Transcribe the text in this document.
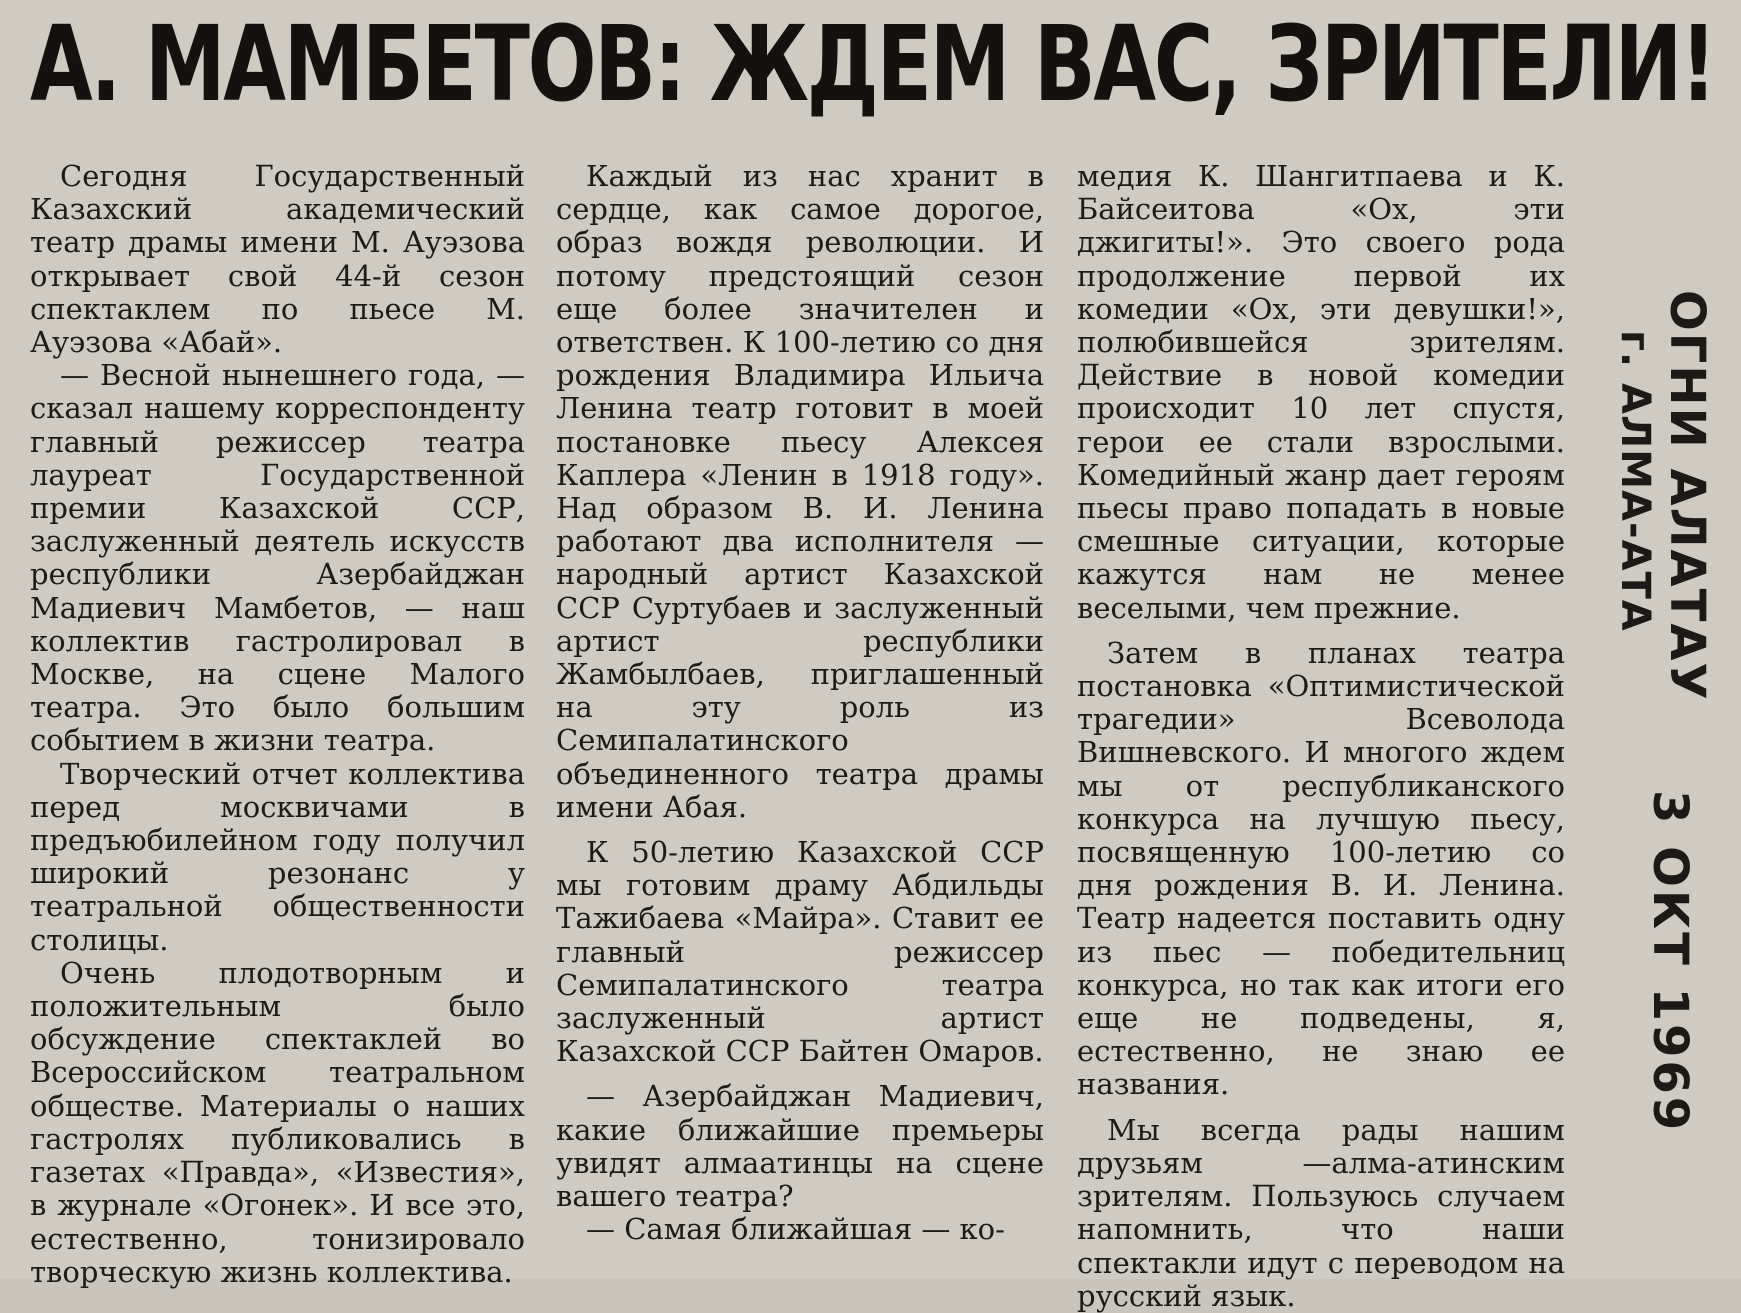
А. МАМБЕТОВ: ЖДЕМ ВАС, ЗРИТЕЛИ!

Сегодня Государственный Казахский академический театр драмы имени М. Ауэзова открывает свой 44-й сезон спектаклем по пьесе М. Ауэзова «Абай».

— Весной нынешнего года, — сказал нашему корреспонденту главный режиссер театра лауреат Государственной премии Казахской ССР, заслуженный деятель искусств республики Азербайджан Мадиевич Мамбетов, — наш коллектив гастролировал в Москве, на сцене Малого театра. Это было большим событием в жизни театра.

Творческий отчет коллектива перед москвичами в предъюбилейном году получил широкий резонанс у театральной общественности столицы.

Очень плодотворным и положительным было обсуждение спектаклей во Всероссийском театральном обществе. Материалы о наших гастролях публиковались в газетах «Правда», «Известия», в журнале «Огонек». И все это, естественно, тонизировало творческую жизнь коллектива.

Каждый из нас хранит в сердце, как самое дорогое, образ вождя революции. И потому предстоящий сезон еще более значителен и ответствен. К 100-летию со дня рождения Владимира Ильича Ленина театр готовит в моей постановке пьесу Алексея Каплера «Ленин в 1918 году». Над образом В. И. Ленина работают два исполнителя — народный артист Казахской ССР Суртубаев и заслуженный артист республики Жамбылбаев, приглашенный на эту роль из Семипалатинского объединенного театра драмы имени Абая.

К 50-летию Казахской ССР мы готовим драму Абдильды Тажибаева «Майра». Ставит ее главный режиссер Семипалатинского театра заслуженный артист Казахской ССР Байтен Омаров.

— Азербайджан Мадиевич, какие ближайшие премьеры увидят алмаатинцы на сцене вашего театра?

— Самая ближайшая — ко-

медия К. Шангитпаева и К. Байсеитова «Ох, эти джигиты!». Это своего рода продолжение первой их комедии «Ох, эти девушки!», полюбившейся зрителям. Действие в новой комедии происходит 10 лет спустя, герои ее стали взрослыми. Комедийный жанр дает героям пьесы право попадать в новые смешные ситуации, которые кажутся нам не менее веселыми, чем прежние.

Затем в планах театра постановка «Оптимистической трагедии» Всеволода Вишневского. И многого ждем мы от республиканского конкурса на лучшую пьесу, посвященную 100-летию со дня рождения В. И. Ленина. Театр надеется поставить одну из пьес — победительниц конкурса, но так как итоги его еще не подведены, я, естественно, не знаю ее названия.

Мы всегда рады нашим друзьям —алма-атинским зрителям. Пользуюсь случаем напомнить, что наши спектакли идут с переводом на русский язык.

ОГНИ АЛАТАУ
г. АЛМА-АТА
3 ОКТ 1969
